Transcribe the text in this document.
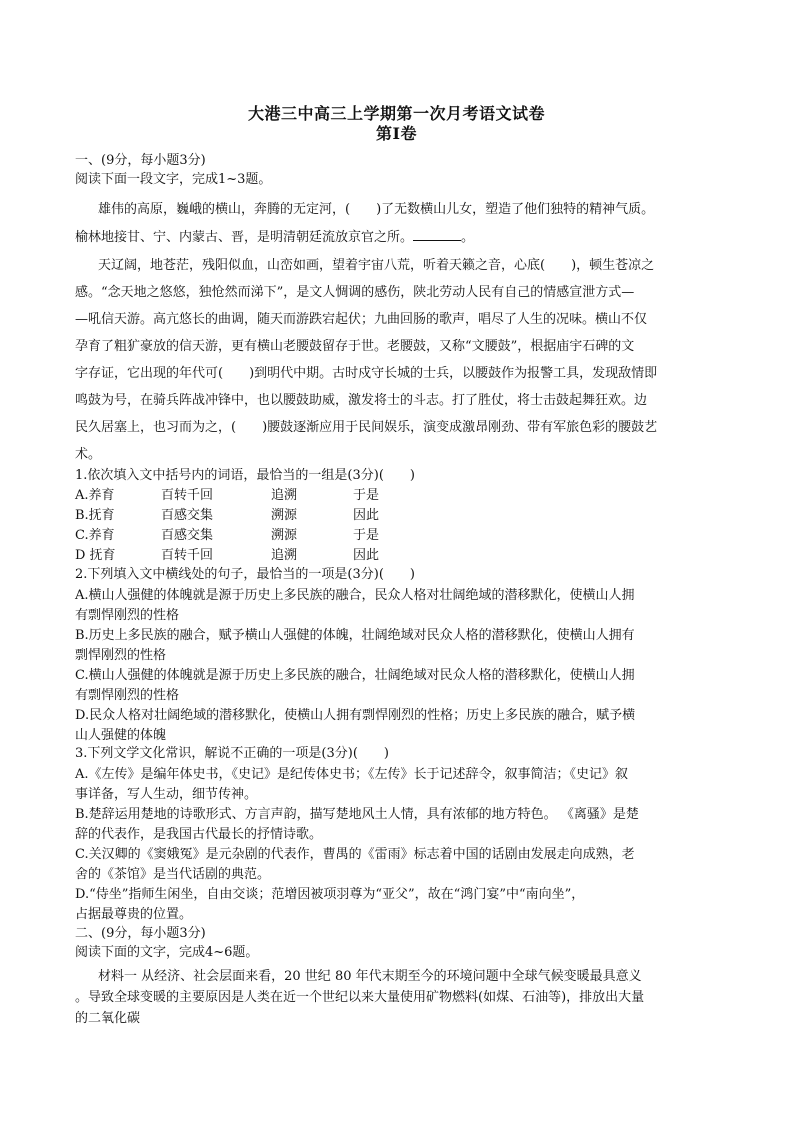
大港三中高三上学期第一次月考语文试卷
第Ⅰ卷
一、(9分，每小题3分)
阅读下面一段文字，完成1~3题。
雄伟的高原，巍峨的横山，奔腾的无定河，(　　)了无数横山儿女，塑造了他们独特的精神气质。
榆林地接甘、宁、内蒙古、晋，是明清朝廷流放京官之所。	。
天辽阔，地苍茫，残阳似血，山峦如画，望着宇宙八荒，听着天籁之音，心底(　　)，顿生苍凉之
感。“念天地之悠悠，独怆然而涕下”，是文人惆调的感伤，陕北劳动人民有自己的情感宣泄方式—
—吼信天游。高亢悠长的曲调，随天而游跌宕起伏；九曲回肠的歌声，唱尽了人生的况味。横山不仅
孕育了粗犷豪放的信天游，更有横山老腰鼓留存于世。老腰鼓，又称“文腰鼓”，根据庙宇石碑的文
字存证，它出现的年代可(　　)到明代中期。古时戍守长城的士兵，以腰鼓作为报警工具，发现敌情即
鸣鼓为号，在骑兵阵战冲锋中，也以腰鼓助威，激发将士的斗志。打了胜仗，将士击鼓起舞狂欢。边
民久居塞上，也习而为之，(　　)腰鼓逐渐应用于民间娱乐，演变成激昂刚劲、带有军旅色彩的腰鼓艺
术。
1.依次填入文中括号内的词语，最恰当的一组是(3分)(　　)
A.养育	百转千回	追溯	于是
B.抚育	百感交集	溯源	因此
C.养育	百感交集	溯源	于是
D 抚育	百转千回	追溯	因此
2.下列填入文中横线处的句子，最恰当的一项是(3分)(　　)
A.横山人强健的体魄就是源于历史上多民族的融合，民众人格对壮阔绝域的潜移默化，使横山人拥
有剽悍刚烈的性格
B.历史上多民族的融合，赋予横山人强健的体魄，壮阔绝域对民众人格的潜移默化，使横山人拥有
剽悍刚烈的性格
C.横山人强健的体魄就是源于历史上多民族的融合，壮阔绝域对民众人格的潜移默化，使横山人拥
有剽悍刚烈的性格
D.民众人格对壮阔绝域的潜移默化，使横山人拥有剽悍刚烈的性格；历史上多民族的融合，赋予横
山人强健的体魄
3.下列文学文化常识，解说不正确的一项是(3分)(　　)
A.《左传》是编年体史书，《史记》是纪传体史书；《左传》长于记述辞令，叙事简洁；《史记》叙
事详备，写人生动，细节传神。
B.楚辞运用楚地的诗歌形式、方言声韵，描写楚地风土人情，具有浓郁的地方特色。 《离骚》是楚
辞的代表作，是我国古代最长的抒情诗歌。
C.关汉卿的《窦娥冤》是元杂剧的代表作，曹禺的《雷雨》标志着中国的话剧由发展走向成熟，老
舍的《茶馆》是当代话剧的典范。
D.“侍坐”指师生闲坐，自由交谈；范增因被项羽尊为“亚父”，故在“鸿门宴”中“南向坐”，
占据最尊贵的位置。
二、(9分，每小题3分)
阅读下面的文字，完成4~6题。
材料一 从经济、社会层面来看，20 世纪 80 年代末期至今的环境问题中全球气候变暖最具意义
。导致全球变暖的主要原因是人类在近一个世纪以来大量使用矿物燃料(如煤、石油等)，排放出大量
的二氧化碳
